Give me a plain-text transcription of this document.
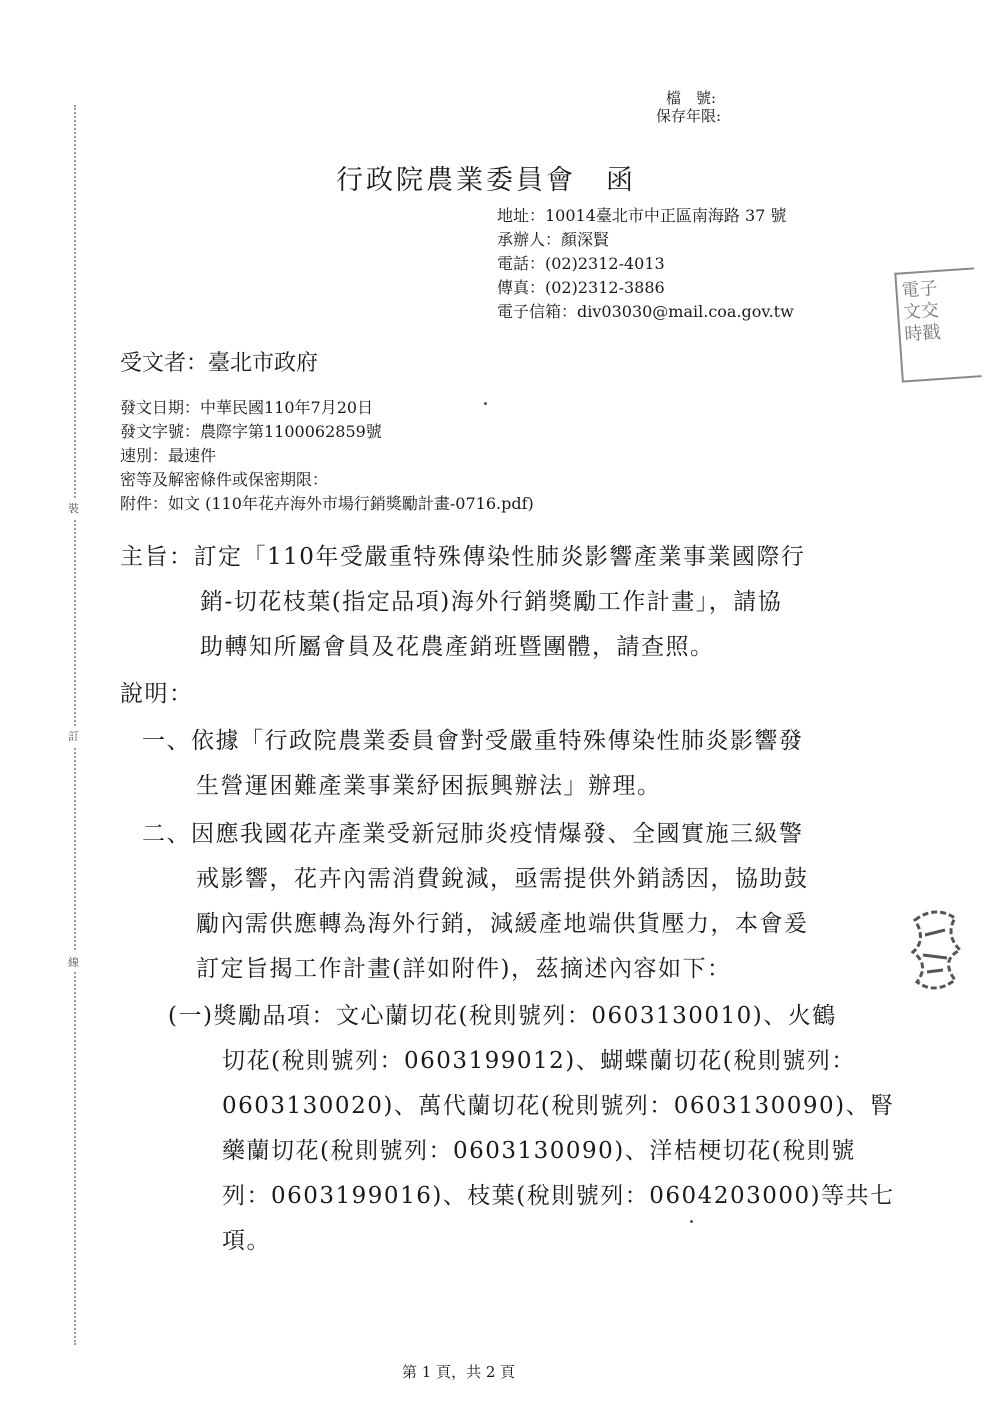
裝
訂
線
檔　號:
保存年限:
行政院農業委員會　函
地址：10014臺北市中正區南海路 37 號
承辦人：顏深賢
電話：(02)2312-4013
傳真：(02)2312-3886
電子信箱：div03030@mail.coa.gov.tw
電子
文交
時戳
受文者：臺北市政府
發文日期：中華民國110年7月20日
發文字號：農際字第1100062859號
速別：最速件
密等及解密條件或保密期限：
附件：如文 (110年花卉海外市場行銷獎勵計畫-0716.pdf)
主旨：訂定「110年受嚴重特殊傳染性肺炎影響產業事業國際行
銷-切花枝葉(指定品項)海外行銷獎勵工作計畫」，請協
助轉知所屬會員及花農產銷班暨團體，請查照。
說明：
一、依據「行政院農業委員會對受嚴重特殊傳染性肺炎影響發
生營運困難產業事業紓困振興辦法」辦理。
二、因應我國花卉產業受新冠肺炎疫情爆發、全國實施三級警
戒影響，花卉內需消費銳減，亟需提供外銷誘因，協助鼓
勵內需供應轉為海外行銷，減緩產地端供貨壓力，本會爰
訂定旨揭工作計畫(詳如附件)，茲摘述內容如下：
(一)獎勵品項：文心蘭切花(稅則號列：0603130010)、火鶴
切花(稅則號列：0603199012)、蝴蝶蘭切花(稅則號列：
0603130020)、萬代蘭切花(稅則號列：0603130090)、腎
藥蘭切花(稅則號列：0603130090)、洋桔梗切花(稅則號
列：0603199016)、枝葉(稅則號列：0604203000)等共七
項。
第 1 頁，共 2 頁
